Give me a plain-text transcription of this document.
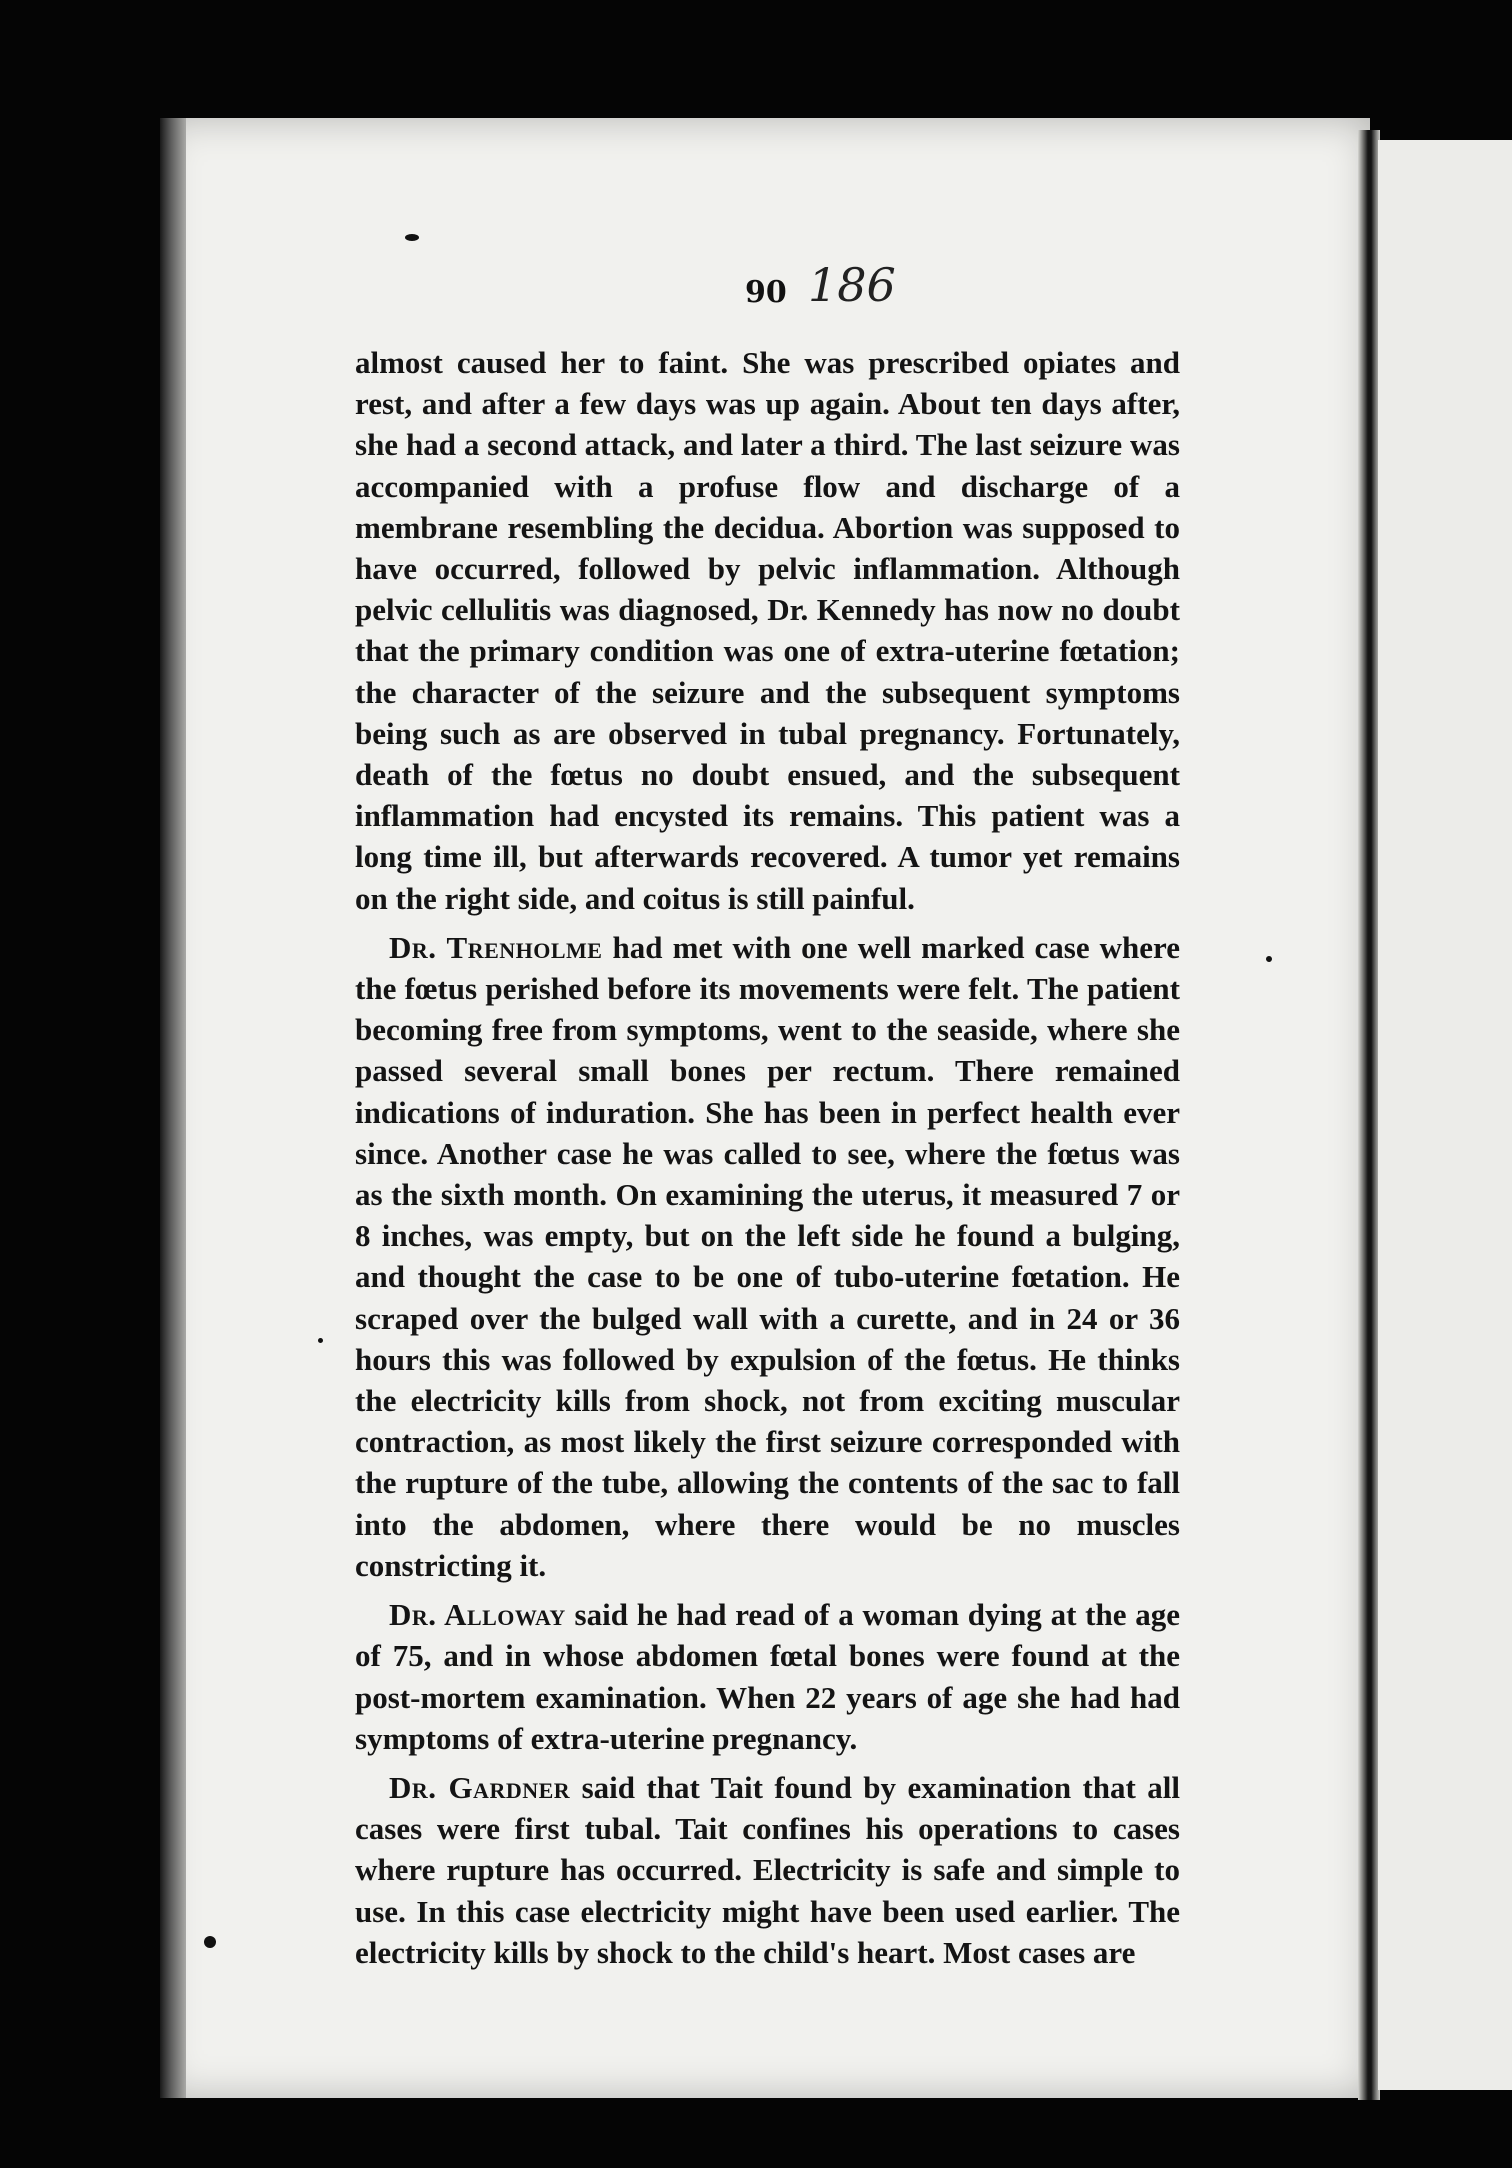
90 186

almost caused her to faint. She was prescribed opiates and rest, and after a few days was up again. About ten days after, she had a second attack, and later a third. The last seizure was accompanied with a profuse flow and discharge of a membrane resembling the decidua. Abortion was supposed to have occurred, followed by pelvic inflammation. Although pelvic cellulitis was diagnosed, Dr. Kennedy has now no doubt that the primary condition was one of extra-uterine fœtation; the character of the seizure and the subsequent symptoms being such as are observed in tubal pregnancy. Fortunately, death of the fœtus no doubt ensued, and the subsequent inflammation had encysted its remains. This patient was a long time ill, but afterwards recovered. A tumor yet remains on the right side, and coitus is still painful.

Dr. Trenholme had met with one well marked case where the fœtus perished before its movements were felt. The patient becoming free from symptoms, went to the seaside, where she passed several small bones per rectum. There remained indications of induration. She has been in perfect health ever since. Another case he was called to see, where the fœtus was as the sixth month. On examining the uterus, it measured 7 or 8 inches, was empty, but on the left side he found a bulging, and thought the case to be one of tubo-uterine fœtation. He scraped over the bulged wall with a curette, and in 24 or 36 hours this was followed by expulsion of the fœtus. He thinks the electricity kills from shock, not from exciting muscular contraction, as most likely the first seizure corresponded with the rupture of the tube, allowing the contents of the sac to fall into the abdomen, where there would be no muscles constricting it.

Dr. Alloway said he had read of a woman dying at the age of 75, and in whose abdomen fœtal bones were found at the post-mortem examination. When 22 years of age she had had symptoms of extra-uterine pregnancy.

Dr. Gardner said that Tait found by examination that all cases were first tubal. Tait confines his operations to cases where rupture has occurred. Electricity is safe and simple to use. In this case electricity might have been used earlier. The electricity kills by shock to the child's heart. Most cases are
